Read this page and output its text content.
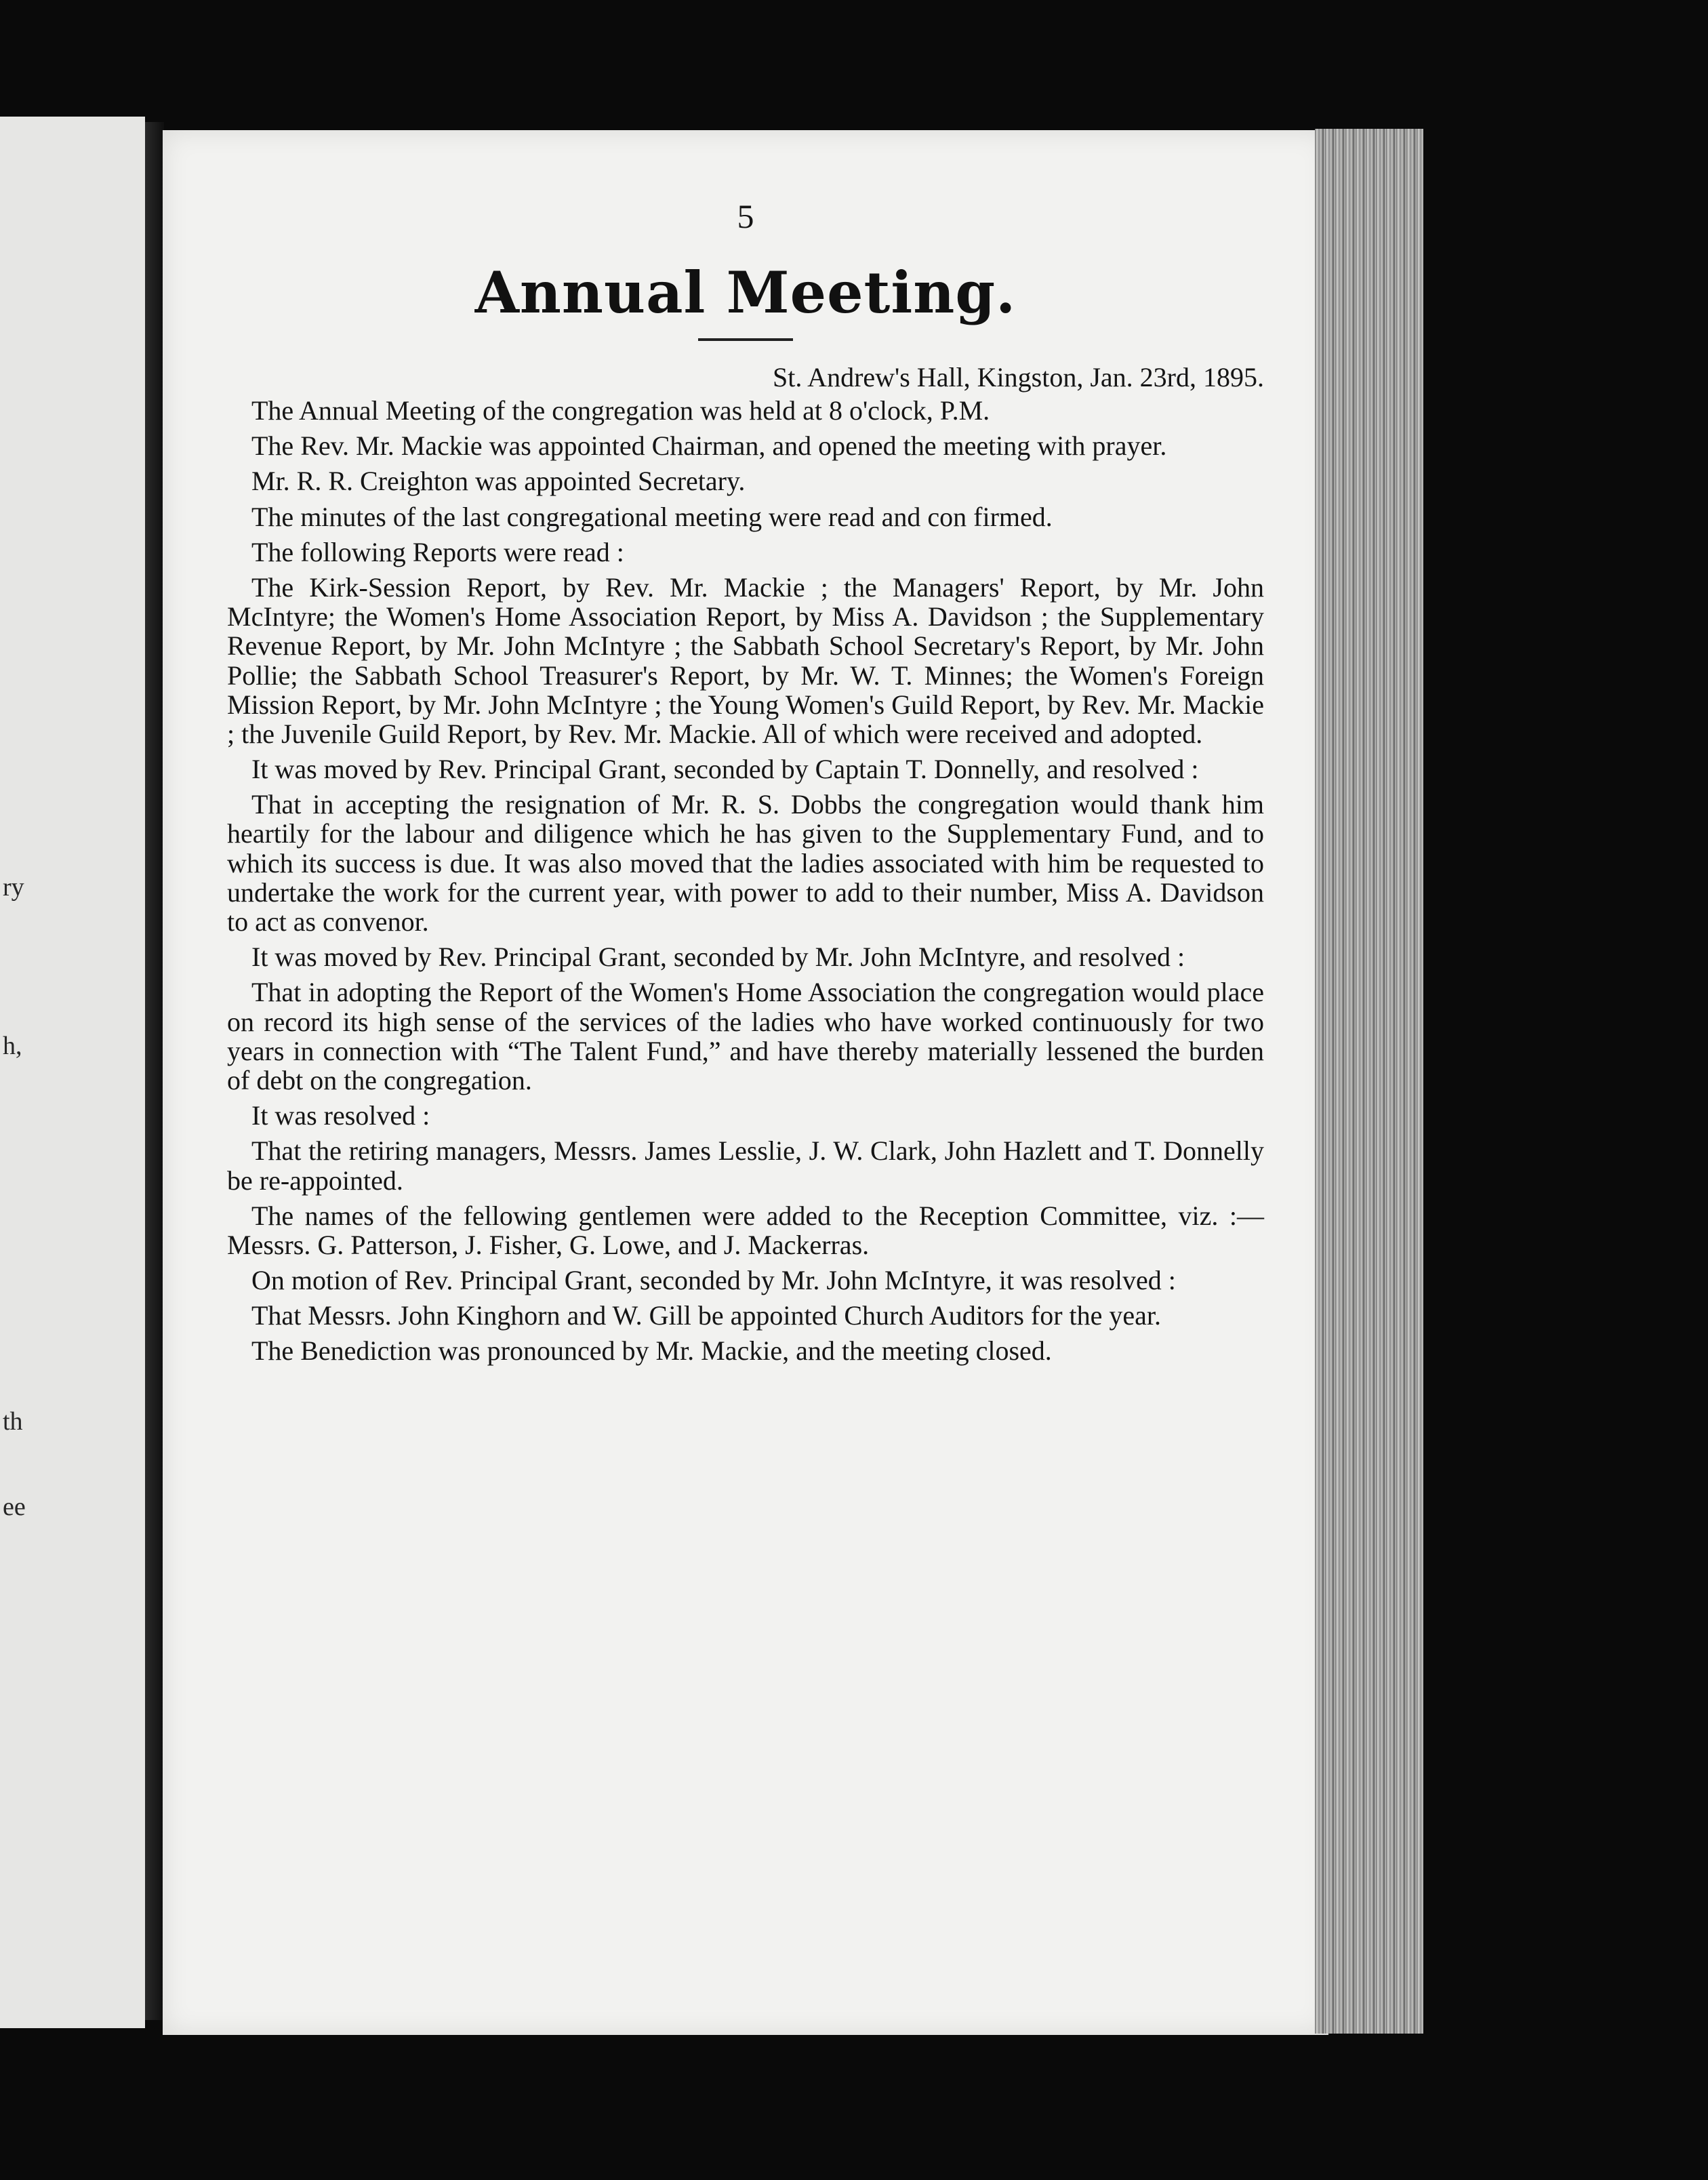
ry
h,
th
ee
5
Annual Meeting.
St. Andrew's Hall, Kingston, Jan. 23rd, 1895.

The Annual Meeting of the congregation was held at 8 o'clock, P.M.

The Rev. Mr. Mackie was appointed Chairman, and opened the meeting with prayer.

Mr. R. R. Creighton was appointed Secretary.

The minutes of the last congregational meeting were read and con firmed.

The following Reports were read :

The Kirk-Session Report, by Rev. Mr. Mackie ; the Managers' Report, by Mr. John McIntyre; the Women's Home Association Report, by Miss A. Davidson ; the Supplementary Revenue Report, by Mr. John McIntyre ; the Sabbath School Secretary's Report, by Mr. John Pollie; the Sabbath School Treasurer's Report, by Mr. W. T. Minnes; the Women's Foreign Mission Report, by Mr. John McIntyre ; the Young Women's Guild Report, by Rev. Mr. Mackie ; the Juvenile Guild Report, by Rev. Mr. Mackie. All of which were received and adopted.

It was moved by Rev. Principal Grant, seconded by Captain T. Donnelly, and resolved :

That in accepting the resignation of Mr. R. S. Dobbs the congregation would thank him heartily for the labour and diligence which he has given to the Supplementary Fund, and to which its success is due. It was also moved that the ladies associated with him be requested to undertake the work for the current year, with power to add to their number, Miss A. Davidson to act as convenor.

It was moved by Rev. Principal Grant, seconded by Mr. John McIntyre, and resolved :

That in adopting the Report of the Women's Home Association the congregation would place on record its high sense of the services of the ladies who have worked continuously for two years in connection with “The Talent Fund,” and have thereby materially lessened the burden of debt on the congregation.

It was resolved :

That the retiring managers, Messrs. James Lesslie, J. W. Clark, John Hazlett and T. Donnelly be re-appointed.

The names of the fellowing gentlemen were added to the Reception Committee, viz. :—Messrs. G. Patterson, J. Fisher, G. Lowe, and J. Mackerras.

On motion of Rev. Principal Grant, seconded by Mr. John McIntyre, it was resolved :

That Messrs. John Kinghorn and W. Gill be appointed Church Auditors for the year.

The Benediction was pronounced by Mr. Mackie, and the meeting closed.
